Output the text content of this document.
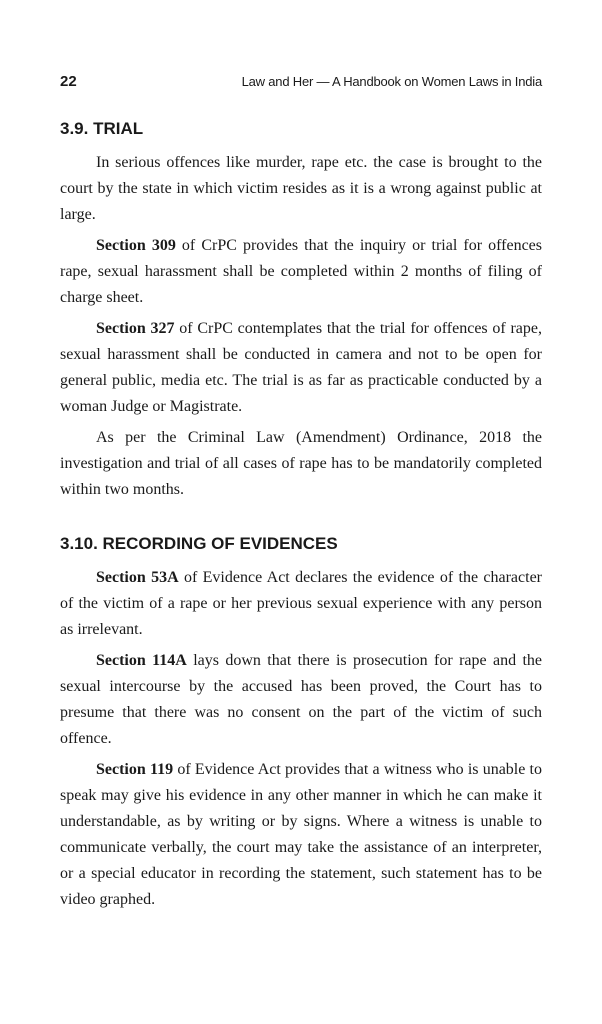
22	Law and Her — A Handbook on Women Laws in India
3.9. TRIAL

In serious offences like murder, rape etc. the case is brought to the court by the state in which victim resides as it is a wrong against public at large.

Section 309 of CrPC provides that the inquiry or trial for offences rape, sexual harassment shall be completed within 2 months of filing of charge sheet.

Section 327 of CrPC contemplates that the trial for offences of rape, sexual harassment shall be conducted in camera and not to be open for general public, media etc. The trial is as far as practicable conducted by a woman Judge or Magistrate.

As per the Criminal Law (Amendment) Ordinance, 2018 the investigation and trial of all cases of rape has to be mandatorily completed within two months.

3.10. RECORDING OF EVIDENCES

Section 53A of Evidence Act declares the evidence of the character of the victim of a rape or her previous sexual experience with any person as irrelevant.

Section 114A lays down that there is prosecution for rape and the sexual intercourse by the accused has been proved, the Court has to presume that there was no consent on the part of the victim of such offence.

Section 119 of Evidence Act provides that a witness who is unable to speak may give his evidence in any other manner in which he can make it understandable, as by writing or by signs. Where a witness is unable to communicate verbally, the court may take the assistance of an interpreter, or a special educator in recording the statement, such statement has to be video graphed.
